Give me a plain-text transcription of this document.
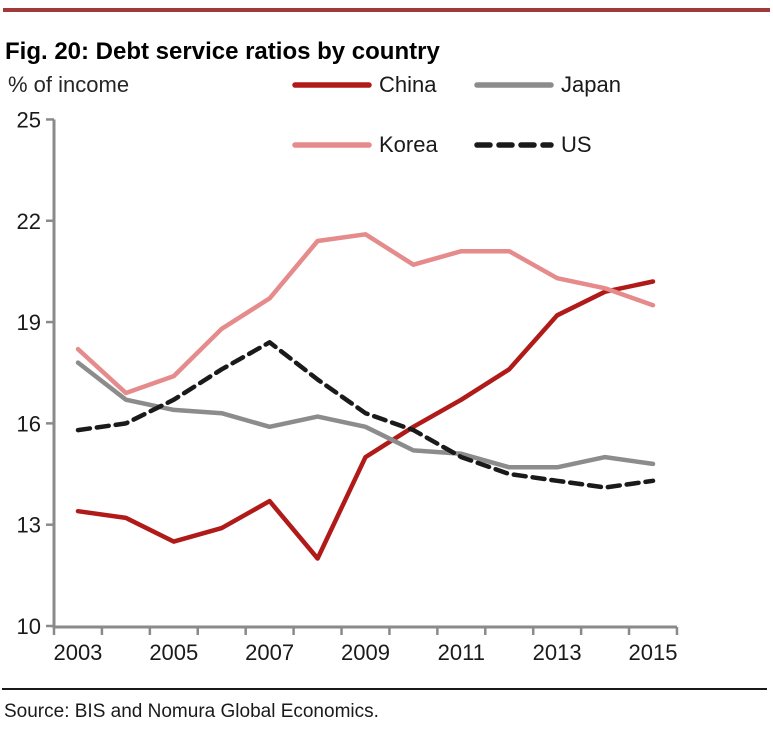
Fig. 20: Debt service ratios by country
% of income	China	Japan
Korea	US
25
22
19
16
13
10
2003 2005 2007 2009 2011 2013 2015
Source: BIS and Nomura Global Economics.
